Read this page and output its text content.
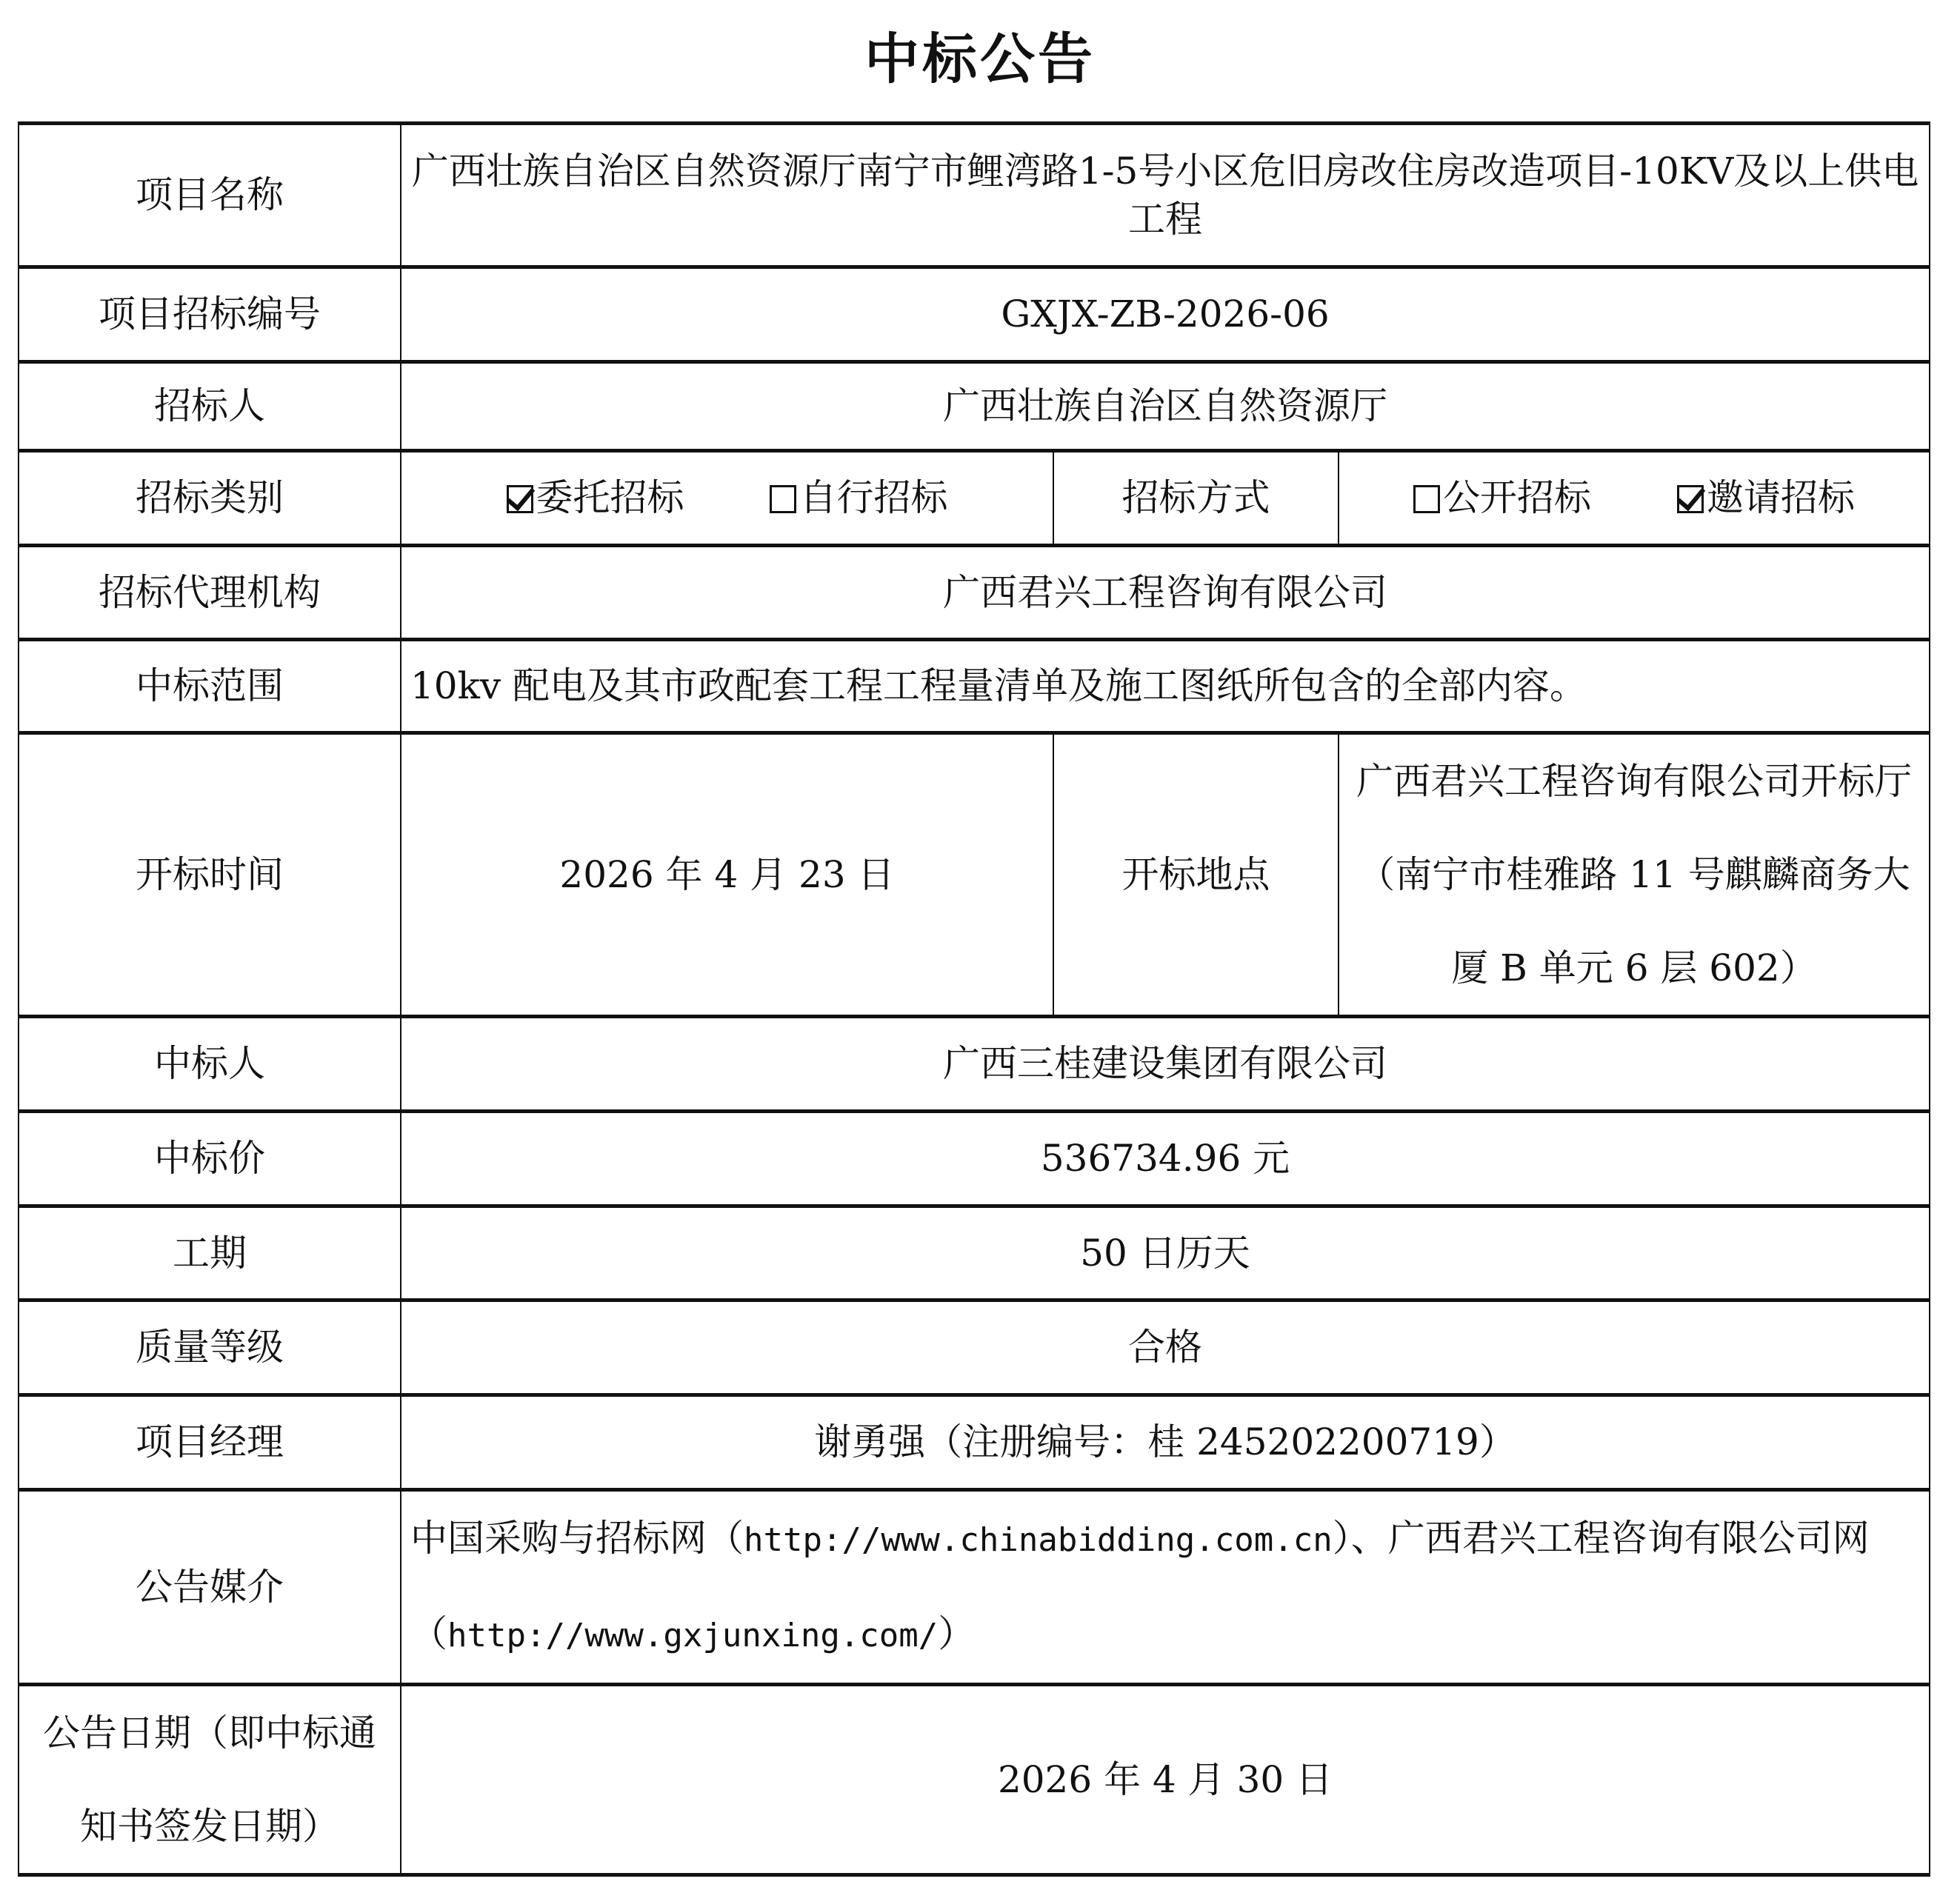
中标公告
项目名称	广西壮族自治区自然资源厅南宁市鲤湾路1-5号小区危旧房改住房改造项目-10KV及以上供电工程		
项目招标编号	GXJX-ZB-2026-06		
招标人	广西壮族自治区自然资源厅		
招标类别	委托招标 自行招标	招标方式	公开招标 邀请招标
招标代理机构	广西君兴工程咨询有限公司		
中标范围	10kv 配电及其市政配套工程工程量清单及施工图纸所包含的全部内容。		
开标时间	2026 年 4 月 23 日	开标地点	广西君兴工程咨询有限公司开标厅（南宁市桂雅路 11 号麒麟商务大厦 B 单元 6 层 602）
中标人	广西三桂建设集团有限公司		
中标价	536734.96 元		
工期	50 日历天		
质量等级	合格		
项目经理	谢勇强（注册编号：桂 245202200719）		
公告媒介	中国采购与招标网（http://www.chinabidding.com.cn）、广西君兴工程咨询有限公司网（http://www.gxjunxing.com/）		
公告日期（即中标通知书签发日期）	2026 年 4 月 30 日		
